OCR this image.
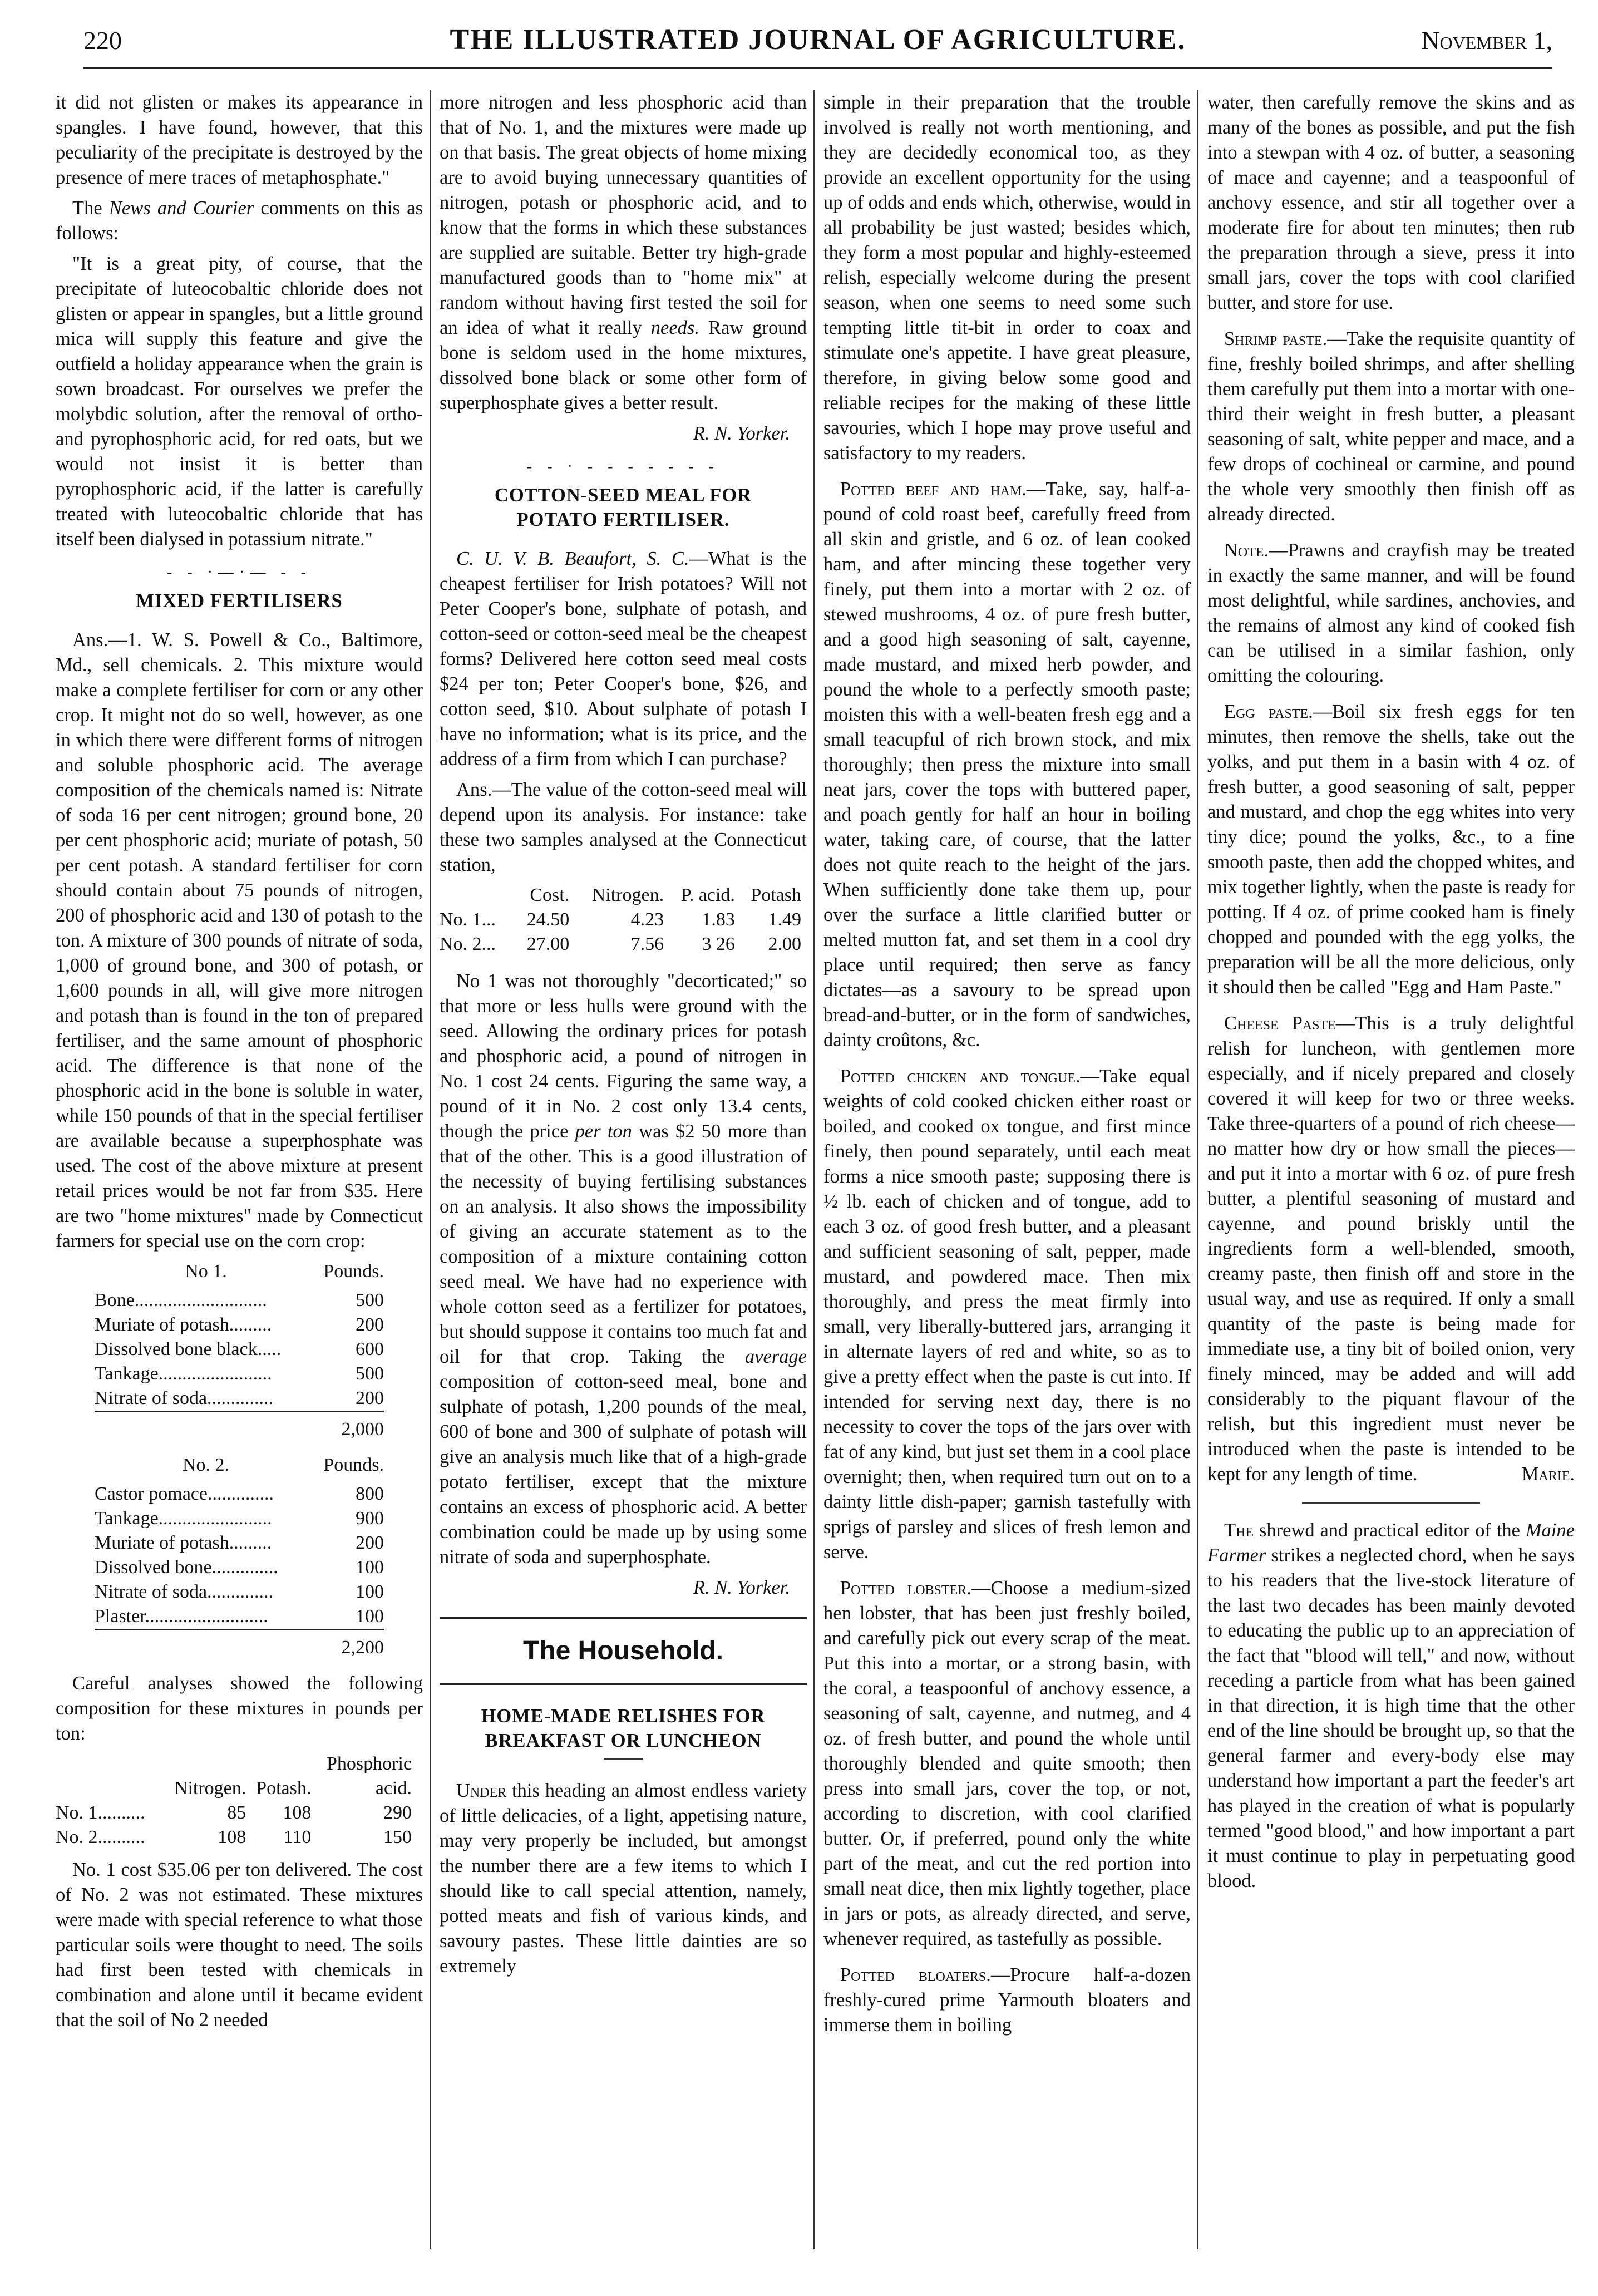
220	THE ILLUSTRATED JOURNAL OF AGRICULTURE.	November 1,

it did not glisten or makes its appearance in spangles. I have found, however, that this peculiarity of the precipitate is destroyed by the presence of mere traces of metaphosphate."

The News and Courier comments on this as follows:

"It is a great pity, of course, that the precipitate of luteocobaltic chloride does not glisten or appear in spangles, but a little ground mica will supply this feature and give the outfield a holiday appearance when the grain is sown broadcast. For ourselves we prefer the molybdic solution, after the removal of ortho-and pyrophosphoric acid, for red oats, but we would not insist it is better than pyrophosphoric acid, if the latter is carefully treated with luteocobaltic chloride that has itself been dialysed in potassium nitrate."

- - ·—·— - -
MIXED FERTILISERS

Ans.—1. W. S. Powell & Co., Baltimore, Md., sell chemicals. 2. This mixture would make a complete fertiliser for corn or any other crop. It might not do so well, however, as one in which there were different forms of nitrogen and soluble phosphoric acid. The average composition of the chemicals named is: Nitrate of soda 16 per cent nitrogen; ground bone, 20 per cent phosphoric acid; muriate of potash, 50 per cent potash. A standard fertiliser for corn should contain about 75 pounds of nitrogen, 200 of phosphoric acid and 130 of potash to the ton. A mixture of 300 pounds of nitrate of soda, 1,000 of ground bone, and 300 of potash, or 1,600 pounds in all, will give more nitrogen and potash than is found in the ton of prepared fertiliser, and the same amount of phosphoric acid. The difference is that none of the phosphoric acid in the bone is soluble in water, while 150 pounds of that in the special fertiliser are available because a superphosphate was used. The cost of the above mixture at present retail prices would be not far from $35. Here are two "home mixtures" made by Connecticut farmers for special use on the corn crop:

No 1.	Pounds.
Bone............................	500
Muriate of potash.........	200
Dissolved bone black.....	600
Tankage........................	500
Nitrate of soda..............	200
	2,000
No. 2.	Pounds.
Castor pomace..............	800
Tankage........................	900
Muriate of potash.........	200
Dissolved bone..............	100
Nitrate of soda..............	100
Plaster..........................	100
	2,200

Careful analyses showed the following composition for these mixtures in pounds per ton:

			Phosphoric
	Nitrogen.	Potash.	acid.
No. 1..........	85	108	290
No. 2..........	108	110	150

No. 1 cost $35.06 per ton delivered. The cost of No. 2 was not estimated. These mixtures were made with special reference to what those particular soils were thought to need. The soils had first been tested with chemicals in combination and alone until it became evident that the soil of No 2 needed

more nitrogen and less phosphoric acid than that of No. 1, and the mixtures were made up on that basis. The great objects of home mixing are to avoid buying unnecessary quantities of nitrogen, potash or phosphoric acid, and to know that the forms in which these substances are supplied are suitable. Better try high-grade manufactured goods than to "home mix" at random without having first tested the soil for an idea of what it really needs. Raw ground bone is seldom used in the home mixtures, dissolved bone black or some other form of superphosphate gives a better result.

R. N. Yorker.
- - · - - - - - - -
COTTON-SEED MEAL FOR
POTATO FERTILISER.

C. U. V. B. Beaufort, S. C.—What is the cheapest fertiliser for Irish potatoes? Will not Peter Cooper's bone, sulphate of potash, and cotton-seed or cotton-seed meal be the cheapest forms? Delivered here cotton seed meal costs $24 per ton; Peter Cooper's bone, $26, and cotton seed, $10. About sulphate of potash I have no information; what is its price, and the address of a firm from which I can purchase?

Ans.—The value of the cotton-seed meal will depend upon its analysis. For instance: take these two samples analysed at the Connecticut station,

	Cost.	Nitrogen.	P. acid.	Potash
No. 1...	24.50	4.23	1.83	1.49
No. 2...	27.00	7.56	3 26	2.00

No 1 was not thoroughly "decorticated;" so that more or less hulls were ground with the seed. Allowing the ordinary prices for potash and phosphoric acid, a pound of nitrogen in No. 1 cost 24 cents. Figuring the same way, a pound of it in No. 2 cost only 13.4 cents, though the price per ton was $2 50 more than that of the other. This is a good illustration of the necessity of buying fertilising substances on an analysis. It also shows the impossibility of giving an accurate statement as to the composition of a mixture containing cotton seed meal. We have had no experience with whole cotton seed as a fertilizer for potatoes, but should suppose it contains too much fat and oil for that crop. Taking the average composition of cotton-seed meal, bone and sulphate of potash, 1,200 pounds of the meal, 600 of bone and 300 of sulphate of potash will give an analysis much like that of a high-grade potato fertiliser, except that the mixture contains an excess of phosphoric acid. A better combination could be made up by using some nitrate of soda and superphosphate.

R. N. Yorker.
The Household.
HOME-MADE RELISHES FOR
BREAKFAST OR LUNCHEON

Under this heading an almost endless variety of little delicacies, of a light, appetising nature, may very properly be included, but amongst the number there are a few items to which I should like to call special attention, namely, potted meats and fish of various kinds, and savoury pastes. These little dainties are so extremely

simple in their preparation that the trouble involved is really not worth mentioning, and they are decidedly economical too, as they provide an excellent opportunity for the using up of odds and ends which, otherwise, would in all probability be just wasted; besides which, they form a most popular and highly-esteemed relish, especially welcome during the present season, when one seems to need some such tempting little tit-bit in order to coax and stimulate one's appetite. I have great pleasure, therefore, in giving below some good and reliable recipes for the making of these little savouries, which I hope may prove useful and satisfactory to my readers.

Potted beef and ham.—Take, say, half-a-pound of cold roast beef, carefully freed from all skin and gristle, and 6 oz. of lean cooked ham, and after mincing these together very finely, put them into a mortar with 2 oz. of stewed mushrooms, 4 oz. of pure fresh butter, and a good high seasoning of salt, cayenne, made mustard, and mixed herb powder, and pound the whole to a perfectly smooth paste; moisten this with a well-beaten fresh egg and a small teacupful of rich brown stock, and mix thoroughly; then press the mixture into small neat jars, cover the tops with buttered paper, and poach gently for half an hour in boiling water, taking care, of course, that the latter does not quite reach to the height of the jars. When sufficiently done take them up, pour over the surface a little clarified butter or melted mutton fat, and set them in a cool dry place until required; then serve as fancy dictates—as a savoury to be spread upon bread-and-butter, or in the form of sandwiches, dainty croûtons, &c.

Potted chicken and tongue.—Take equal weights of cold cooked chicken either roast or boiled, and cooked ox tongue, and first mince finely, then pound separately, until each meat forms a nice smooth paste; supposing there is ½ lb. each of chicken and of tongue, add to each 3 oz. of good fresh butter, and a pleasant and sufficient seasoning of salt, pepper, made mustard, and powdered mace. Then mix thoroughly, and press the meat firmly into small, very liberally-buttered jars, arranging it in alternate layers of red and white, so as to give a pretty effect when the paste is cut into. If intended for serving next day, there is no necessity to cover the tops of the jars over with fat of any kind, but just set them in a cool place overnight; then, when required turn out on to a dainty little dish-paper; garnish tastefully with sprigs of parsley and slices of fresh lemon and serve.

Potted lobster.—Choose a medium-sized hen lobster, that has been just freshly boiled, and carefully pick out every scrap of the meat. Put this into a mortar, or a strong basin, with the coral, a teaspoonful of anchovy essence, a seasoning of salt, cayenne, and nutmeg, and 4 oz. of fresh butter, and pound the whole until thoroughly blended and quite smooth; then press into small jars, cover the top, or not, according to discretion, with cool clarified butter. Or, if preferred, pound only the white part of the meat, and cut the red portion into small neat dice, then mix lightly together, place in jars or pots, as already directed, and serve, whenever required, as tastefully as possible.

Potted bloaters.—Procure half-a-dozen freshly-cured prime Yarmouth bloaters and immerse them in boiling

water, then carefully remove the skins and as many of the bones as possible, and put the fish into a stewpan with 4 oz. of butter, a seasoning of mace and cayenne; and a teaspoonful of anchovy essence, and stir all together over a moderate fire for about ten minutes; then rub the preparation through a sieve, press it into small jars, cover the tops with cool clarified butter, and store for use.

Shrimp paste.—Take the requisite quantity of fine, freshly boiled shrimps, and after shelling them carefully put them into a mortar with one-third their weight in fresh butter, a pleasant seasoning of salt, white pepper and mace, and a few drops of cochineal or carmine, and pound the whole very smoothly then finish off as already directed.

Note.—Prawns and crayfish may be treated in exactly the same manner, and will be found most delightful, while sardines, anchovies, and the remains of almost any kind of cooked fish can be utilised in a similar fashion, only omitting the colouring.

Egg paste.—Boil six fresh eggs for ten minutes, then remove the shells, take out the yolks, and put them in a basin with 4 oz. of fresh butter, a good seasoning of salt, pepper and mustard, and chop the egg whites into very tiny dice; pound the yolks, &c., to a fine smooth paste, then add the chopped whites, and mix together lightly, when the paste is ready for potting. If 4 oz. of prime cooked ham is finely chopped and pounded with the egg yolks, the preparation will be all the more delicious, only it should then be called "Egg and Ham Paste."

Cheese Paste—This is a truly delightful relish for luncheon, with gentlemen more especially, and if nicely prepared and closely covered it will keep for two or three weeks. Take three-quarters of a pound of rich cheese—no matter how dry or how small the pieces—and put it into a mortar with 6 oz. of pure fresh butter, a plentiful seasoning of mustard and cayenne, and pound briskly until the ingredients form a well-blended, smooth, creamy paste, then finish off and store in the usual way, and use as required. If only a small quantity of the paste is being made for immediate use, a tiny bit of boiled onion, very finely minced, may be added and will add considerably to the piquant flavour of the relish, but this ingredient must never be introduced when the paste is intended to be kept for any length of time.	Marie.

The shrewd and practical editor of the Maine Farmer strikes a neglected chord, when he says to his readers that the live-stock literature of the last two decades has been mainly devoted to educating the public up to an appreciation of the fact that "blood will tell," and now, without receding a particle from what has been gained in that direction, it is high time that the other end of the line should be brought up, so that the general farmer and every-body else may understand how important a part the feeder's art has played in the creation of what is popularly termed "good blood," and how important a part it must continue to play in perpetuating good blood.
